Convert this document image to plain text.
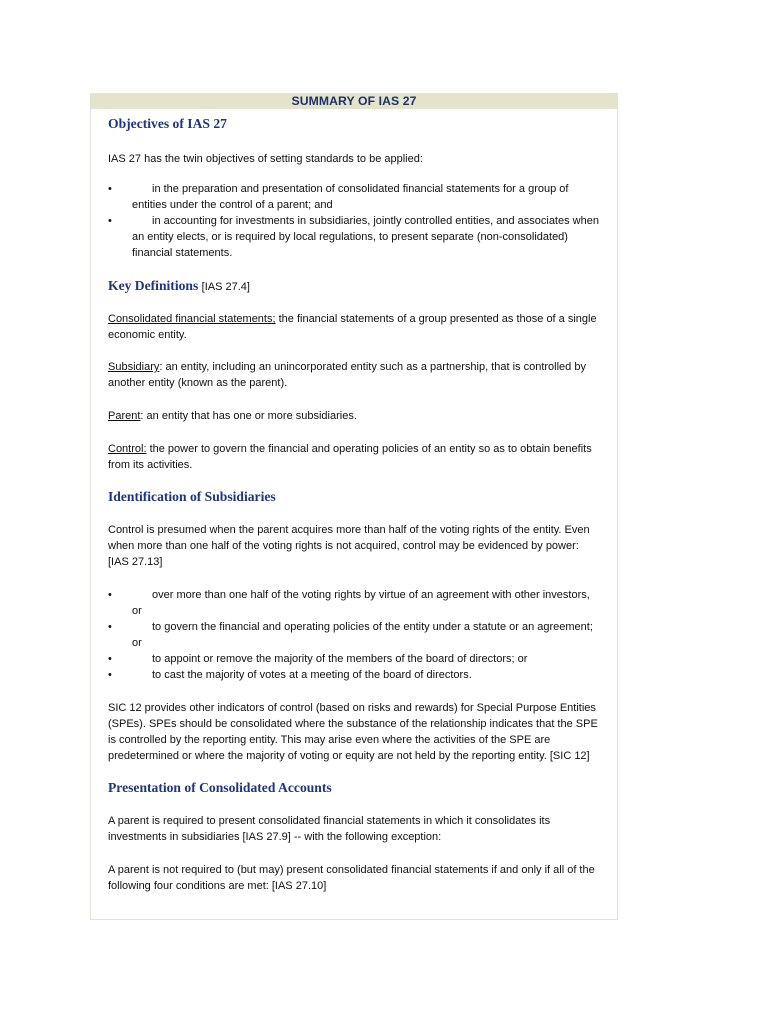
SUMMARY OF IAS 27
Objectives of IAS 27

IAS 27 has the twin objectives of setting standards to be applied:

•	in the preparation and presentation of consolidated financial statements for a group of entities under the control of a parent; and
•	in accounting for investments in subsidiaries, jointly controlled entities, and associates when an entity elects, or is required by local regulations, to present separate (non-consolidated) financial statements.
Key Definitions [IAS 27.4]

Consolidated financial statements; the financial statements of a group presented as those of a single economic entity.

Subsidiary: an entity, including an unincorporated entity such as a partnership, that is controlled by another entity (known as the parent).

Parent: an entity that has one or more subsidiaries.

Control: the power to govern the financial and operating policies of an entity so as to obtain benefits from its activities.

Identification of Subsidiaries

Control is presumed when the parent acquires more than half of the voting rights of the entity. Even when more than one half of the voting rights is not acquired, control may be evidenced by power: [IAS 27.13]

•	over more than one half of the voting rights by virtue of an agreement with other investors, or
•	to govern the financial and operating policies of the entity under a statute or an agreement; or
•	to appoint or remove the majority of the members of the board of directors; or
•	to cast the majority of votes at a meeting of the board of directors.

SIC 12 provides other indicators of control (based on risks and rewards) for Special Purpose Entities (SPEs). SPEs should be consolidated where the substance of the relationship indicates that the SPE is controlled by the reporting entity. This may arise even where the activities of the SPE are predetermined or where the majority of voting or equity are not held by the reporting entity. [SIC 12]

Presentation of Consolidated Accounts

A parent is required to present consolidated financial statements in which it consolidates its investments in subsidiaries [IAS 27.9] -- with the following exception:

A parent is not required to (but may) present consolidated financial statements if and only if all of the following four conditions are met: [IAS 27.10]
